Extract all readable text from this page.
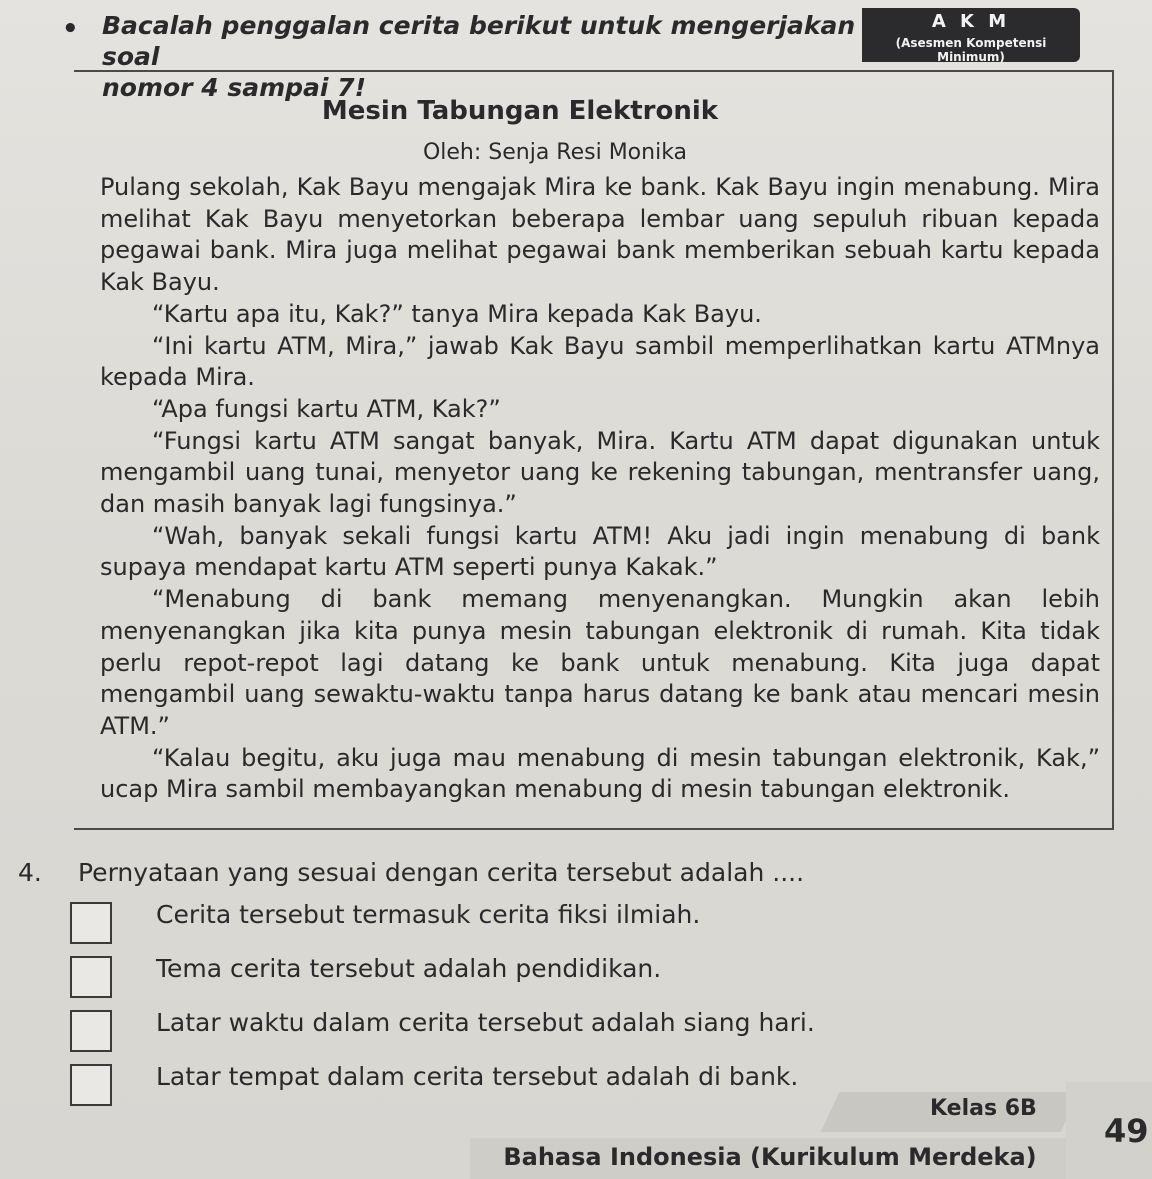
• Bacalah penggalan cerita berikut untuk mengerjakan soal
nomor 4 sampai 7!
A K M
(Asesmen Kompetensi Minimum)
Mesin Tabungan Elektronik
Oleh: Senja Resi Monika

Pulang sekolah, Kak Bayu mengajak Mira ke bank. Kak Bayu ingin menabung. Mira melihat Kak Bayu menyetorkan beberapa lembar uang sepuluh ribuan kepada pegawai bank. Mira juga melihat pegawai bank memberikan sebuah kartu kepada Kak Bayu.

“Kartu apa itu, Kak?” tanya Mira kepada Kak Bayu.

“Ini kartu ATM, Mira,” jawab Kak Bayu sambil memperlihatkan kartu ATMnya kepada Mira.

“Apa fungsi kartu ATM, Kak?”

“Fungsi kartu ATM sangat banyak, Mira. Kartu ATM dapat digunakan untuk mengambil uang tunai, menyetor uang ke rekening tabungan, mentransfer uang, dan masih banyak lagi fungsinya.”

“Wah, banyak sekali fungsi kartu ATM! Aku jadi ingin menabung di bank supaya mendapat kartu ATM seperti punya Kakak.”

“Menabung di bank memang menyenangkan. Mungkin akan lebih menyenangkan jika kita punya mesin tabungan elektronik di rumah. Kita tidak perlu repot-repot lagi datang ke bank untuk menabung. Kita juga dapat mengambil uang sewaktu-waktu tanpa harus datang ke bank atau mencari mesin ATM.”

“Kalau begitu, aku juga mau menabung di mesin tabungan elektronik, Kak,” ucap Mira sambil membayangkan menabung di mesin tabungan elektronik.

4. Pernyataan yang sesuai dengan cerita tersebut adalah ....
Cerita tersebut termasuk cerita fiksi ilmiah.
Tema cerita tersebut adalah pendidikan.
Latar waktu dalam cerita tersebut adalah siang hari.
Latar tempat dalam cerita tersebut adalah di bank.
Kelas 6B
Bahasa Indonesia (Kurikulum Merdeka)
49
